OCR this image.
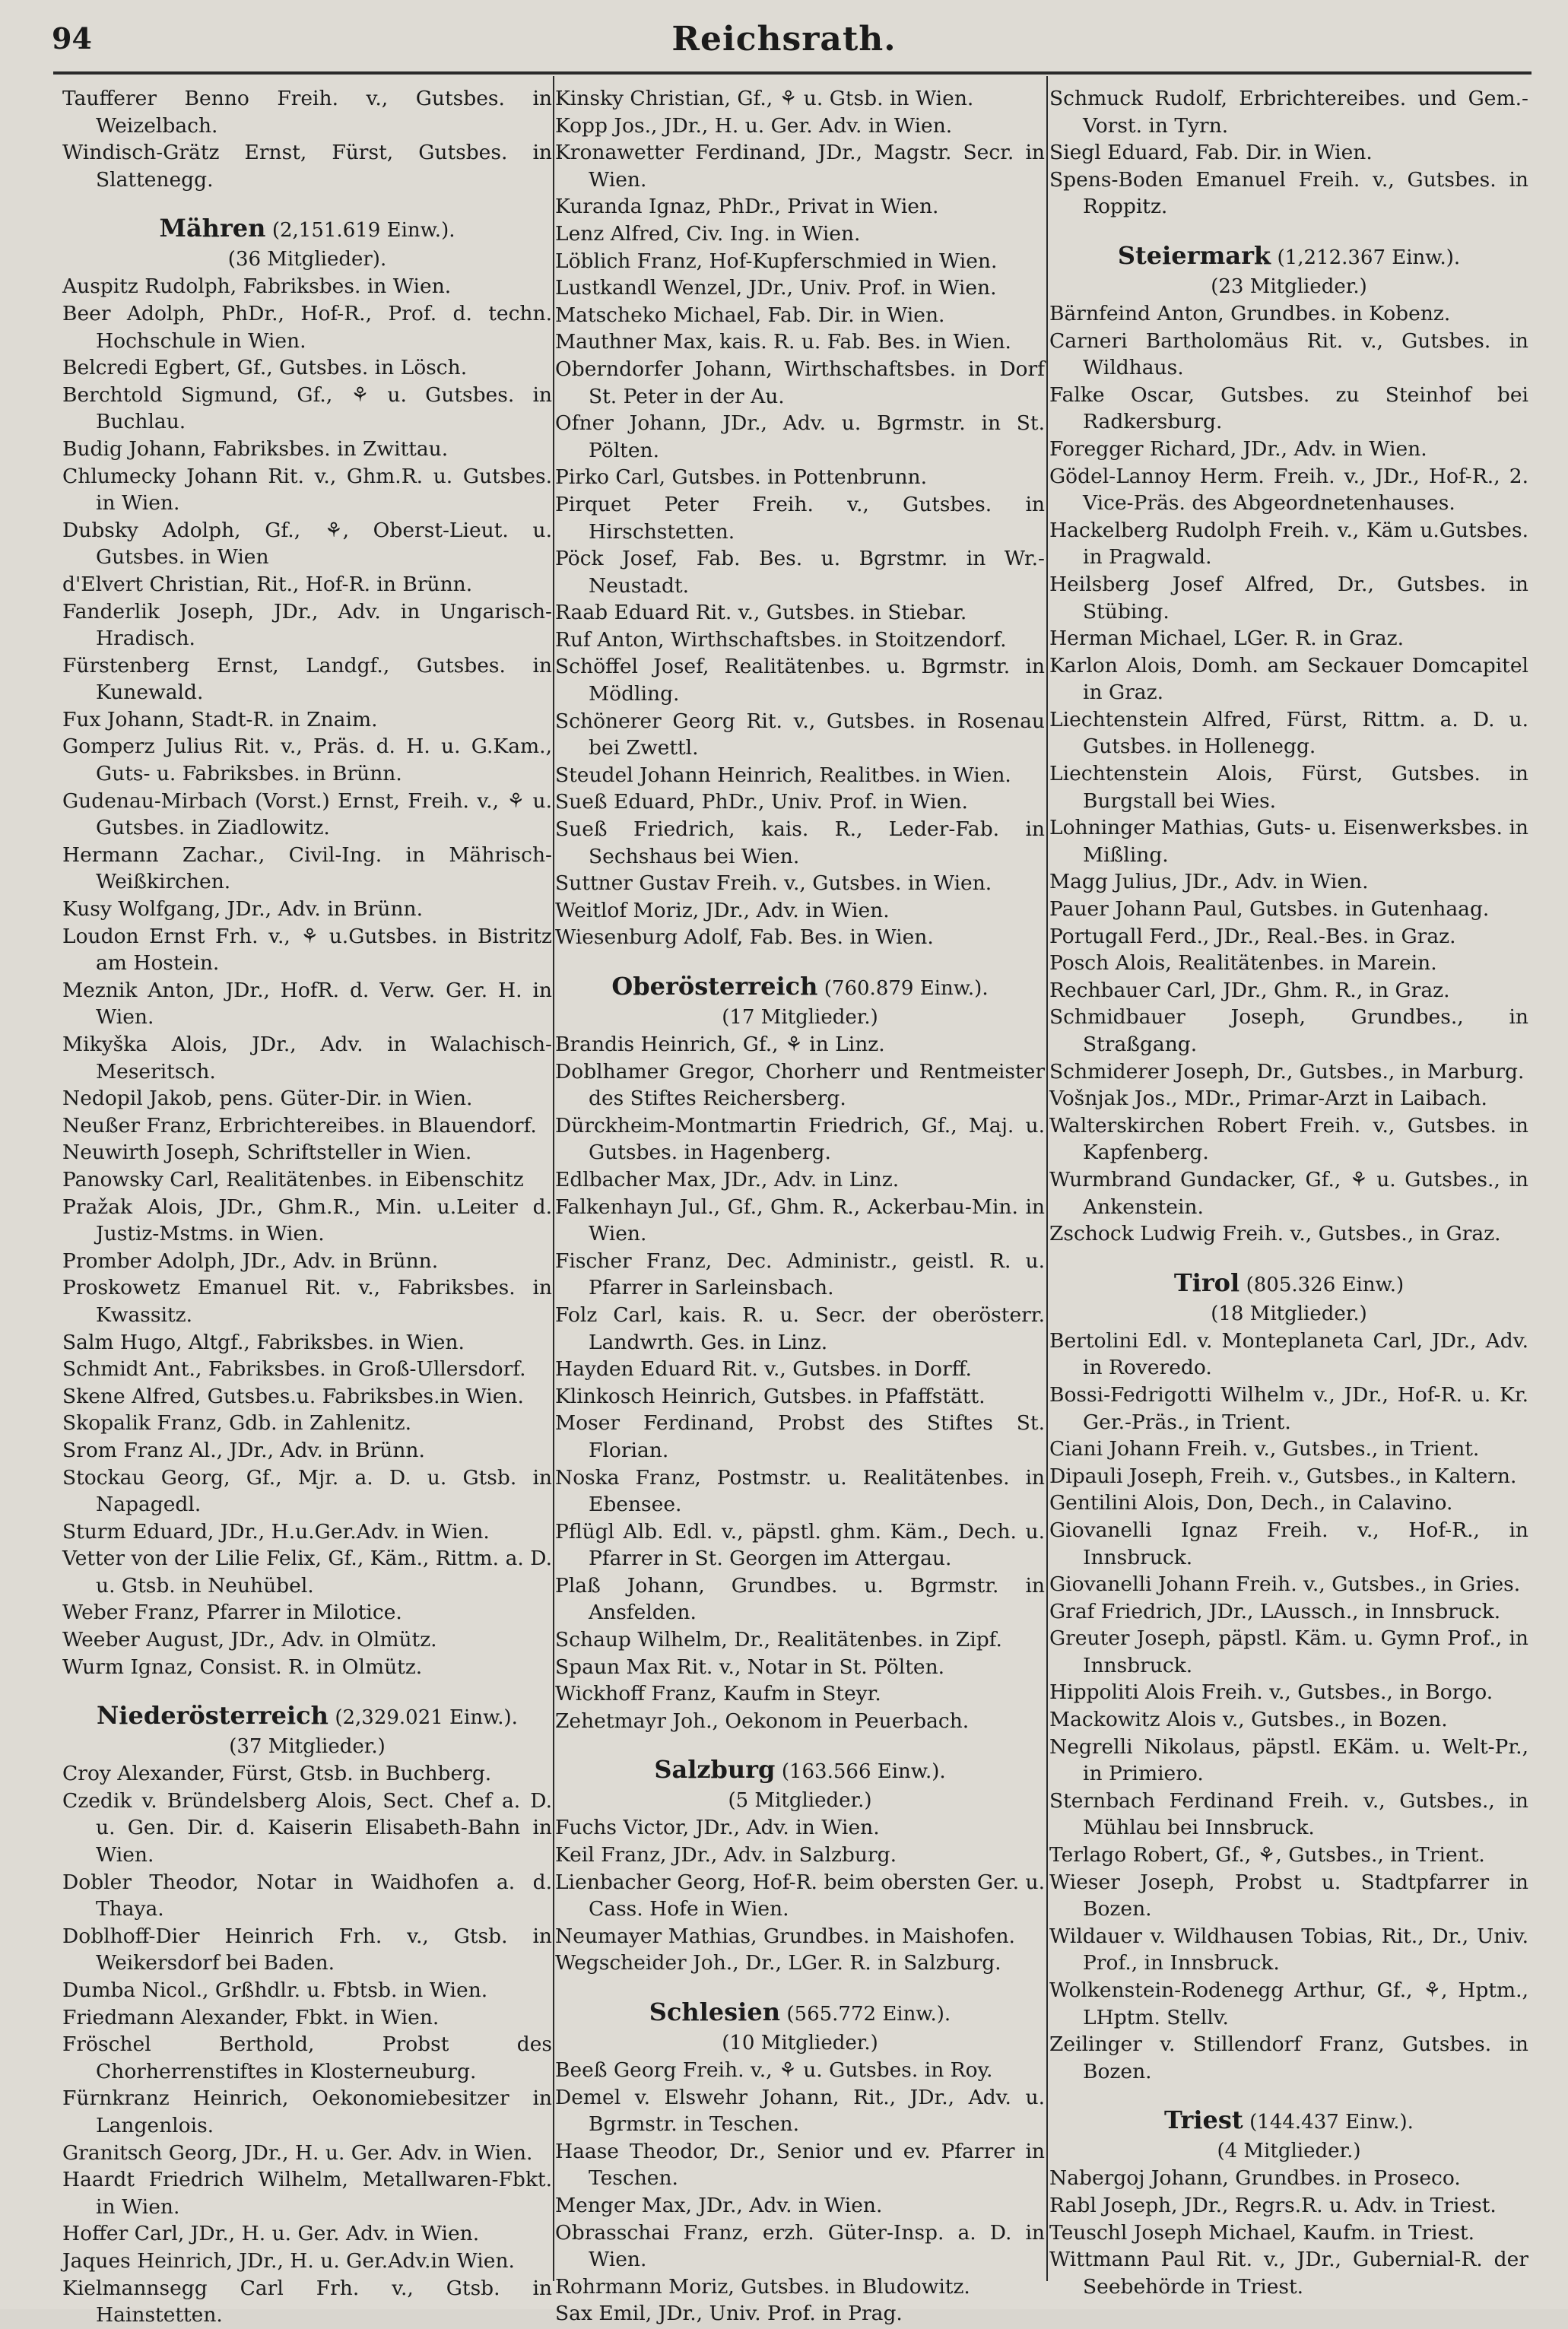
94	Reichsrath.

Taufferer Benno Freih. v., Gutsbes. in Weizelbach.

Windisch-Grätz Ernst, Fürst, Gutsbes. in Slattenegg.

Mähren (2,151.619 Einw.).
(36 Mitglieder).

Auspitz Rudolph, Fabriksbes. in Wien.

Beer Adolph, PhDr., Hof-R., Prof. d. techn. Hochschule in Wien.

Belcredi Egbert, Gf., Gutsbes. in Lösch.

Berchtold Sigmund, Gf., ⚘ u. Gutsbes. in Buchlau.

Budig Johann, Fabriksbes. in Zwittau.

Chlumecky Johann Rit. v., Ghm.R. u. Gutsbes. in Wien.

Dubsky Adolph, Gf., ⚘, Oberst-Lieut. u. Gutsbes. in Wien

d'Elvert Christian, Rit., Hof-R. in Brünn.

Fanderlik Joseph, JDr., Adv. in Ungarisch-Hradisch.

Fürstenberg Ernst, Landgf., Gutsbes. in Kunewald.

Fux Johann, Stadt-R. in Znaim.

Gomperz Julius Rit. v., Präs. d. H. u. G.Kam., Guts- u. Fabriksbes. in Brünn.

Gudenau-Mirbach (Vorst.) Ernst, Freih. v., ⚘ u. Gutsbes. in Ziadlowitz.

Hermann Zachar., Civil-Ing. in Mährisch-Weißkirchen.

Kusy Wolfgang, JDr., Adv. in Brünn.

Loudon Ernst Frh. v., ⚘ u.Gutsbes. in Bistritz am Hostein.

Meznik Anton, JDr., HofR. d. Verw. Ger. H. in Wien.

Mikyška Alois, JDr., Adv. in Walachisch-Meseritsch.

Nedopil Jakob, pens. Güter-Dir. in Wien.

Neußer Franz, Erbrichtereibes. in Blauendorf.

Neuwirth Joseph, Schriftsteller in Wien.

Panowsky Carl, Realitätenbes. in Eibenschitz

Pražak Alois, JDr., Ghm.R., Min. u.Leiter d. Justiz-Mstms. in Wien.

Promber Adolph, JDr., Adv. in Brünn.

Proskowetz Emanuel Rit. v., Fabriksbes. in Kwassitz.

Salm Hugo, Altgf., Fabriksbes. in Wien.

Schmidt Ant., Fabriksbes. in Groß-Ullersdorf.

Skene Alfred, Gutsbes.u. Fabriksbes.in Wien.

Skopalik Franz, Gdb. in Zahlenitz.

Srom Franz Al., JDr., Adv. in Brünn.

Stockau Georg, Gf., Mjr. a. D. u. Gtsb. in Napagedl.

Sturm Eduard, JDr., H.u.Ger.Adv. in Wien.

Vetter von der Lilie Felix, Gf., Käm., Rittm. a. D. u. Gtsb. in Neuhübel.

Weber Franz, Pfarrer in Milotice.

Weeber August, JDr., Adv. in Olmütz.

Wurm Ignaz, Consist. R. in Olmütz.

Niederösterreich (2,329.021 Einw.).
(37 Mitglieder.)

Croy Alexander, Fürst, Gtsb. in Buchberg.

Czedik v. Bründelsberg Alois, Sect. Chef a. D. u. Gen. Dir. d. Kaiserin Elisabeth-Bahn in Wien.

Dobler Theodor, Notar in Waidhofen a. d. Thaya.

Doblhoff-Dier Heinrich Frh. v., Gtsb. in Weikersdorf bei Baden.

Dumba Nicol., Grßhdlr. u. Fbtsb. in Wien.

Friedmann Alexander, Fbkt. in Wien.

Fröschel Berthold, Probst des Chorherrenstiftes in Klosterneuburg.

Fürnkranz Heinrich, Oekonomiebesitzer in Langenlois.

Granitsch Georg, JDr., H. u. Ger. Adv. in Wien.

Haardt Friedrich Wilhelm, Metallwaren-Fbkt. in Wien.

Hoffer Carl, JDr., H. u. Ger. Adv. in Wien.

Jaques Heinrich, JDr., H. u. Ger.Adv.in Wien.

Kielmannsegg Carl Frh. v., Gtsb. in Hainstetten.

Kinsky Christian, Gf., ⚘ u. Gtsb. in Wien.

Kopp Jos., JDr., H. u. Ger. Adv. in Wien.

Kronawetter Ferdinand, JDr., Magstr. Secr. in Wien.

Kuranda Ignaz, PhDr., Privat in Wien.

Lenz Alfred, Civ. Ing. in Wien.

Löblich Franz, Hof-Kupferschmied in Wien.

Lustkandl Wenzel, JDr., Univ. Prof. in Wien.

Matscheko Michael, Fab. Dir. in Wien.

Mauthner Max, kais. R. u. Fab. Bes. in Wien.

Oberndorfer Johann, Wirthschaftsbes. in Dorf St. Peter in der Au.

Ofner Johann, JDr., Adv. u. Bgrmstr. in St. Pölten.

Pirko Carl, Gutsbes. in Pottenbrunn.

Pirquet Peter Freih. v., Gutsbes. in Hirschstetten.

Pöck Josef, Fab. Bes. u. Bgrstmr. in Wr.-Neustadt.

Raab Eduard Rit. v., Gutsbes. in Stiebar.

Ruf Anton, Wirthschaftsbes. in Stoitzendorf.

Schöffel Josef, Realitätenbes. u. Bgrmstr. in Mödling.

Schönerer Georg Rit. v., Gutsbes. in Rosenau bei Zwettl.

Steudel Johann Heinrich, Realitbes. in Wien.

Sueß Eduard, PhDr., Univ. Prof. in Wien.

Sueß Friedrich, kais. R., Leder-Fab. in Sechshaus bei Wien.

Suttner Gustav Freih. v., Gutsbes. in Wien.

Weitlof Moriz, JDr., Adv. in Wien.

Wiesenburg Adolf, Fab. Bes. in Wien.

Oberösterreich (760.879 Einw.).
(17 Mitglieder.)

Brandis Heinrich, Gf., ⚘ in Linz.

Doblhamer Gregor, Chorherr und Rentmeister des Stiftes Reichersberg.

Dürckheim-Montmartin Friedrich, Gf., Maj. u. Gutsbes. in Hagenberg.

Edlbacher Max, JDr., Adv. in Linz.

Falkenhayn Jul., Gf., Ghm. R., Ackerbau-Min. in Wien.

Fischer Franz, Dec. Administr., geistl. R. u. Pfarrer in Sarleinsbach.

Folz Carl, kais. R. u. Secr. der oberösterr. Landwrth. Ges. in Linz.

Hayden Eduard Rit. v., Gutsbes. in Dorff.

Klinkosch Heinrich, Gutsbes. in Pfaffstätt.

Moser Ferdinand, Probst des Stiftes St. Florian.

Noska Franz, Postmstr. u. Realitätenbes. in Ebensee.

Pflügl Alb. Edl. v., päpstl. ghm. Käm., Dech. u. Pfarrer in St. Georgen im Attergau.

Plaß Johann, Grundbes. u. Bgrmstr. in Ansfelden.

Schaup Wilhelm, Dr., Realitätenbes. in Zipf.

Spaun Max Rit. v., Notar in St. Pölten.

Wickhoff Franz, Kaufm in Steyr.

Zehetmayr Joh., Oekonom in Peuerbach.

Salzburg (163.566 Einw.).
(5 Mitglieder.)

Fuchs Victor, JDr., Adv. in Wien.

Keil Franz, JDr., Adv. in Salzburg.

Lienbacher Georg, Hof-R. beim obersten Ger. u. Cass. Hofe in Wien.

Neumayer Mathias, Grundbes. in Maishofen.

Wegscheider Joh., Dr., LGer. R. in Salzburg.

Schlesien (565.772 Einw.).
(10 Mitglieder.)

Beeß Georg Freih. v., ⚘ u. Gutsbes. in Roy.

Demel v. Elswehr Johann, Rit., JDr., Adv. u. Bgrmstr. in Teschen.

Haase Theodor, Dr., Senior und ev. Pfarrer in Teschen.

Menger Max, JDr., Adv. in Wien.

Obrasschai Franz, erzh. Güter-Insp. a. D. in Wien.

Rohrmann Moriz, Gutsbes. in Bludowitz.

Sax Emil, JDr., Univ. Prof. in Prag.

Schmuck Rudolf, Erbrichtereibes. und Gem.-Vorst. in Tyrn.

Siegl Eduard, Fab. Dir. in Wien.

Spens-Boden Emanuel Freih. v., Gutsbes. in Roppitz.

Steiermark (1,212.367 Einw.).
(23 Mitglieder.)

Bärnfeind Anton, Grundbes. in Kobenz.

Carneri Bartholomäus Rit. v., Gutsbes. in Wildhaus.

Falke Oscar, Gutsbes. zu Steinhof bei Radkersburg.

Foregger Richard, JDr., Adv. in Wien.

Gödel-Lannoy Herm. Freih. v., JDr., Hof-R., 2. Vice-Präs. des Abgeordnetenhauses.

Hackelberg Rudolph Freih. v., Käm u.Gutsbes. in Pragwald.

Heilsberg Josef Alfred, Dr., Gutsbes. in Stübing.

Herman Michael, LGer. R. in Graz.

Karlon Alois, Domh. am Seckauer Domcapitel in Graz.

Liechtenstein Alfred, Fürst, Rittm. a. D. u. Gutsbes. in Hollenegg.

Liechtenstein Alois, Fürst, Gutsbes. in Burgstall bei Wies.

Lohninger Mathias, Guts- u. Eisenwerksbes. in Mißling.

Magg Julius, JDr., Adv. in Wien.

Pauer Johann Paul, Gutsbes. in Gutenhaag.

Portugall Ferd., JDr., Real.-Bes. in Graz.

Posch Alois, Realitätenbes. in Marein.

Rechbauer Carl, JDr., Ghm. R., in Graz.

Schmidbauer Joseph, Grundbes., in Straßgang.

Schmiderer Joseph, Dr., Gutsbes., in Marburg.

Vošnjak Jos., MDr., Primar-Arzt in Laibach.

Walterskirchen Robert Freih. v., Gutsbes. in Kapfenberg.

Wurmbrand Gundacker, Gf., ⚘ u. Gutsbes., in Ankenstein.

Zschock Ludwig Freih. v., Gutsbes., in Graz.

Tirol (805.326 Einw.)
(18 Mitglieder.)

Bertolini Edl. v. Monteplaneta Carl, JDr., Adv. in Roveredo.

Bossi-Fedrigotti Wilhelm v., JDr., Hof-R. u. Kr. Ger.-Präs., in Trient.

Ciani Johann Freih. v., Gutsbes., in Trient.

Dipauli Joseph, Freih. v., Gutsbes., in Kaltern.

Gentilini Alois, Don, Dech., in Calavino.

Giovanelli Ignaz Freih. v., Hof-R., in Innsbruck.

Giovanelli Johann Freih. v., Gutsbes., in Gries.

Graf Friedrich, JDr., LAussch., in Innsbruck.

Greuter Joseph, päpstl. Käm. u. Gymn Prof., in Innsbruck.

Hippoliti Alois Freih. v., Gutsbes., in Borgo.

Mackowitz Alois v., Gutsbes., in Bozen.

Negrelli Nikolaus, päpstl. EKäm. u. Welt-Pr., in Primiero.

Sternbach Ferdinand Freih. v., Gutsbes., in Mühlau bei Innsbruck.

Terlago Robert, Gf., ⚘, Gutsbes., in Trient.

Wieser Joseph, Probst u. Stadtpfarrer in Bozen.

Wildauer v. Wildhausen Tobias, Rit., Dr., Univ. Prof., in Innsbruck.

Wolkenstein-Rodenegg Arthur, Gf., ⚘, Hptm., LHptm. Stellv.

Zeilinger v. Stillendorf Franz, Gutsbes. in Bozen.

Triest (144.437 Einw.).
(4 Mitglieder.)

Nabergoj Johann, Grundbes. in Proseco.

Rabl Joseph, JDr., Regrs.R. u. Adv. in Triest.

Teuschl Joseph Michael, Kaufm. in Triest.

Wittmann Paul Rit. v., JDr., Gubernial-R. der Seebehörde in Triest.
